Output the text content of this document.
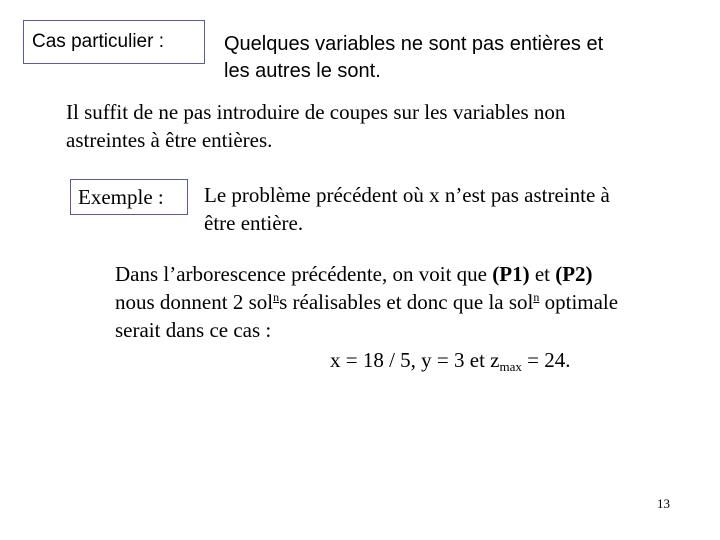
Cas particulier :	Quelques variables ne sont pas entières et
les autres le sont.
Il suffit de ne pas introduire de coupes sur les variables non
astreintes à être entières.
Exemple :	Le problème précédent où x n’est pas astreinte à
être entière.
Dans l’arborescence précédente, on voit que (P1) et (P2)
nous donnent 2 sol$^n$s réalisables et donc que la sol$^n$ optimale
serait dans ce cas :
x = 18 / 5, y = 3 et $z_{max} = 24$.
13
